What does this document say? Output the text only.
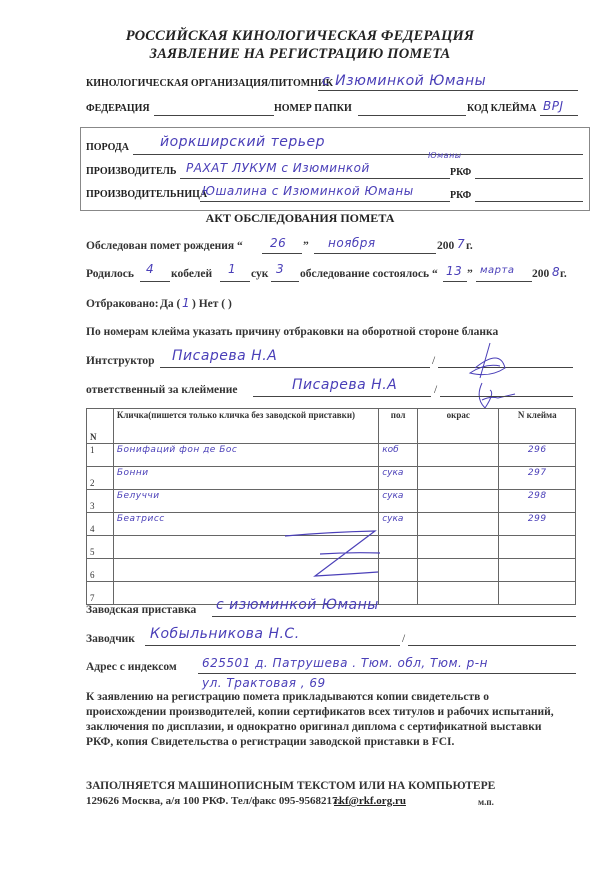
РОССИЙСКАЯ КИНОЛОГИЧЕСКАЯ ФЕДЕРАЦИЯ
ЗАЯВЛЕНИЕ НА РЕГИСТРАЦИЮ ПОМЕТА
КИНОЛОГИЧЕСКАЯ ОРГАНИЗАЦИЯ/ПИТОМНИК
с Изюминкой Юманы
ФЕДЕРАЦИЯ	НОМЕР ПАПКИ	КОД КЛЕЙМА BPJ
ПОРОДА йоркширский терьер
ПРОИЗВОДИТЕЛЬ РАХАТ ЛУКУМ с Изюминкой
Юманы
РКФ
ПРОИЗВОДИТЕЛЬНИЦА
Юшалина с Изюминкой Юманы	РКФ
АКТ ОБСЛЕДОВАНИЯ ПОМЕТА
Обследован помет рождения “ 26 ” ноября	200 7 г.
Родилось 4 кобелей 1 сук 3 обследование состоялось “ 13 ” марта 200 8 г.
Отбраковано: Да ( 1 ) Нет ( )
По номерам клейма указать причину отбраковки на оборотной стороне бланка
Интструктор Писарева Н.А	/
ответственный за клеймение	Писарева Н.А	/
N	Кличка(пишется только кличка без заводской приставки)	пол	окрас	N клейма
1	Бонифаций фон де Бос	коб		296
2	Бонни	сука		297
3	Белуччи	сука		298
4	Беатрисс	сука		299
5				
6				
7				
Заводская приставка с изюминкой Юманы
Заводчик Кобыльникова Н.С.	/
Адрес с индексом 625501 д. Патрушева . Тюм. обл, Тюм. р-н
ул. Трактовая , 69
К заявлению на регистрацию помета прикладываются копии свидетельств о происхождении производителей, копии сертификатов всех титулов и рабочих испытаний, заключения по дисплазии, и однократно оригинал диплома с сертификатной выставки РКФ, копия Свидетельства о регистрации заводской приставки в FCI.
ЗАПОЛНЯЕТСЯ МАШИНОПИСНЫМ ТЕКСТОМ ИЛИ НА КОМПЬЮТЕРЕ
129626 Москва, а/я 100 РКФ. Тел/факс 095-9568217.
rkf@rkf.org.ru	м.п.
